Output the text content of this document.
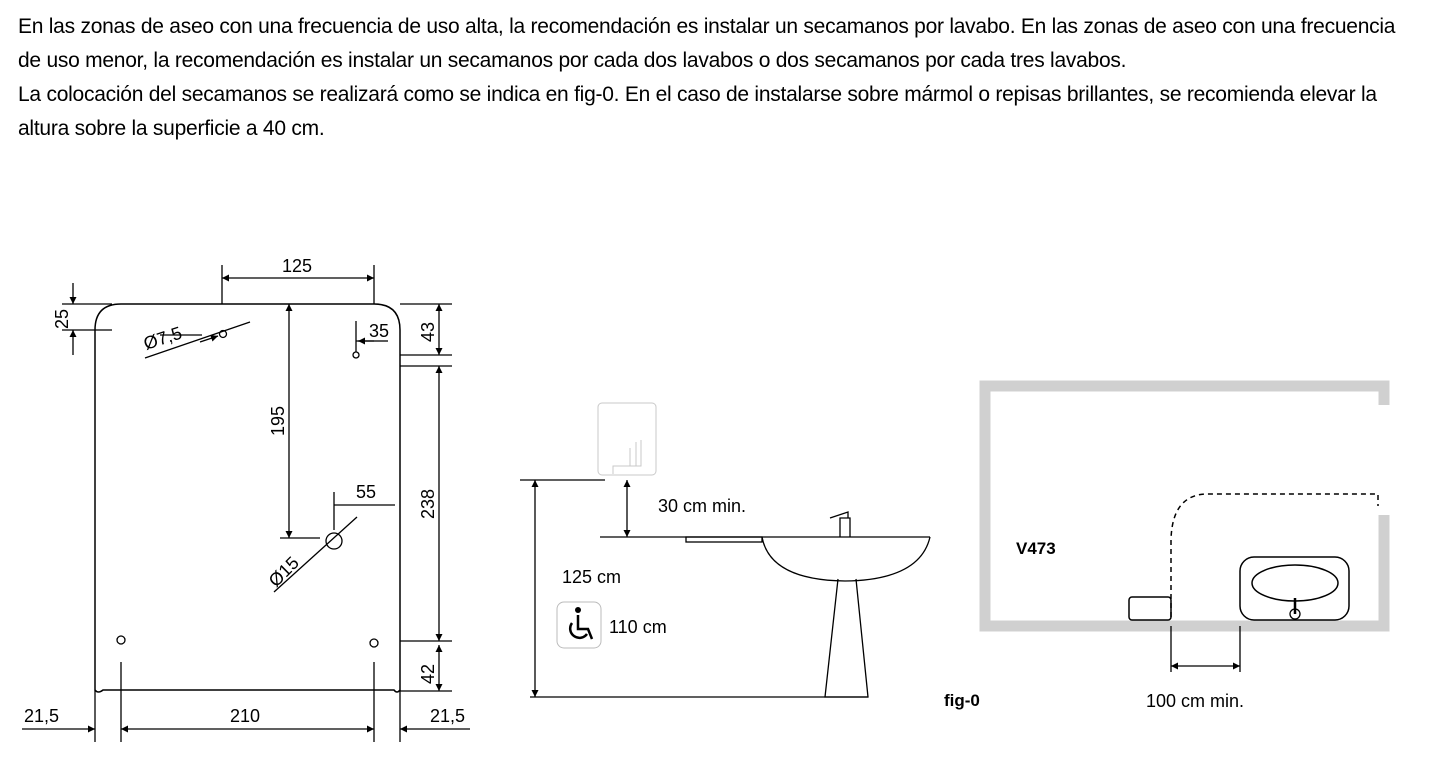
En las zonas de aseo con una frecuencia de uso alta, la recomendación es instalar un secamanos por lavabo. En las zonas de aseo con una frecuencia de uso menor, la recomendación es instalar un secamanos por cada dos lavabos o dos secamanos por cada tres lavabos.

La colocación del secamanos se realizará como se indica en fig-0. En el caso de instalarse sobre mármol o repisas brillantes, se recomienda elevar la altura sobre la superficie a 40 cm.

125
25
Ø7,5	35 43
195
55 238
Ø15
42
21,5	210	21,5
30 cm min.
125 cm
110 cm
V473
fig-0	100 cm min.
